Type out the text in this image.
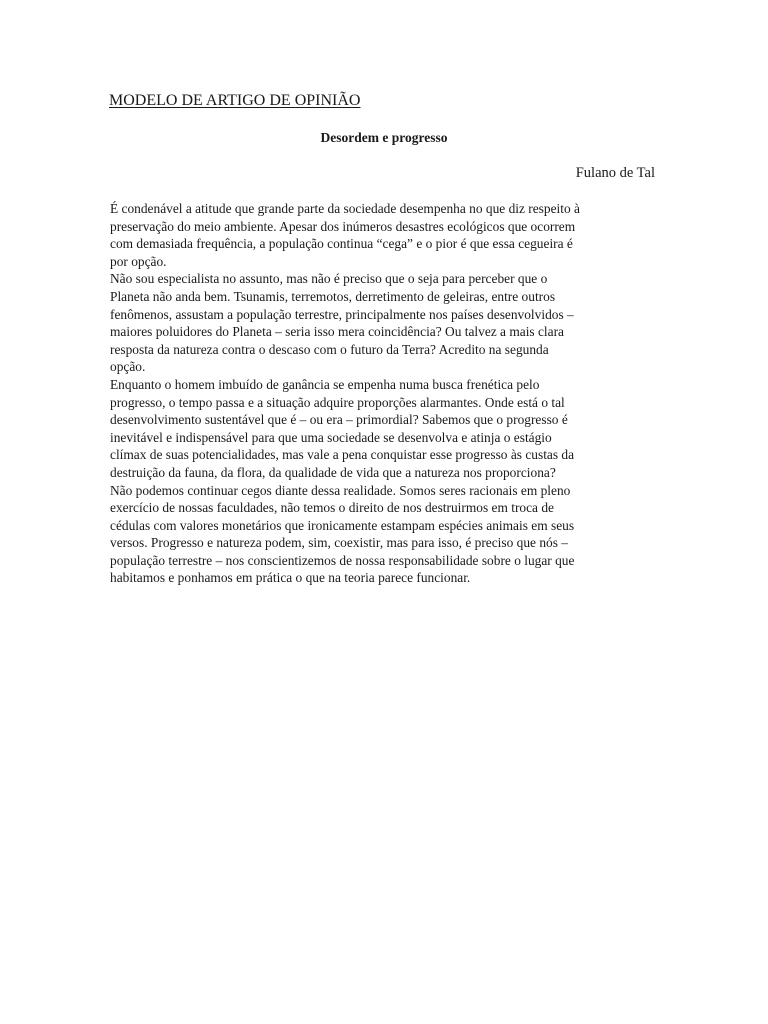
MODELO DE ARTIGO DE OPINIÃO
Desordem e progresso
Fulano de Tal
É condenável a atitude que grande parte da sociedade desempenha no que diz respeito à
preservação do meio ambiente. Apesar dos inúmeros desastres ecológicos que ocorrem
com demasiada frequência, a população continua “cega” e o pior é que essa cegueira é
por opção.
Não sou especialista no assunto, mas não é preciso que o seja para perceber que o
Planeta não anda bem. Tsunamis, terremotos, derretimento de geleiras, entre outros
fenômenos, assustam a população terrestre, principalmente nos países desenvolvidos –
maiores poluidores do Planeta – seria isso mera coincidência? Ou talvez a mais clara
resposta da natureza contra o descaso com o futuro da Terra? Acredito na segunda
opção.
Enquanto o homem imbuído de ganância se empenha numa busca frenética pelo
progresso, o tempo passa e a situação adquire proporções alarmantes. Onde está o tal
desenvolvimento sustentável que é – ou era – primordial? Sabemos que o progresso é
inevitável e indispensável para que uma sociedade se desenvolva e atinja o estágio
clímax de suas potencialidades, mas vale a pena conquistar esse progresso às custas da
destruição da fauna, da flora, da qualidade de vida que a natureza nos proporciona?
Não podemos continuar cegos diante dessa realidade. Somos seres racionais em pleno
exercício de nossas faculdades, não temos o direito de nos destruirmos em troca de
cédulas com valores monetários que ironicamente estampam espécies animais em seus
versos. Progresso e natureza podem, sim, coexistir, mas para isso, é preciso que nós –
população terrestre – nos conscientizemos de nossa responsabilidade sobre o lugar que
habitamos e ponhamos em prática o que na teoria parece funcionar.
